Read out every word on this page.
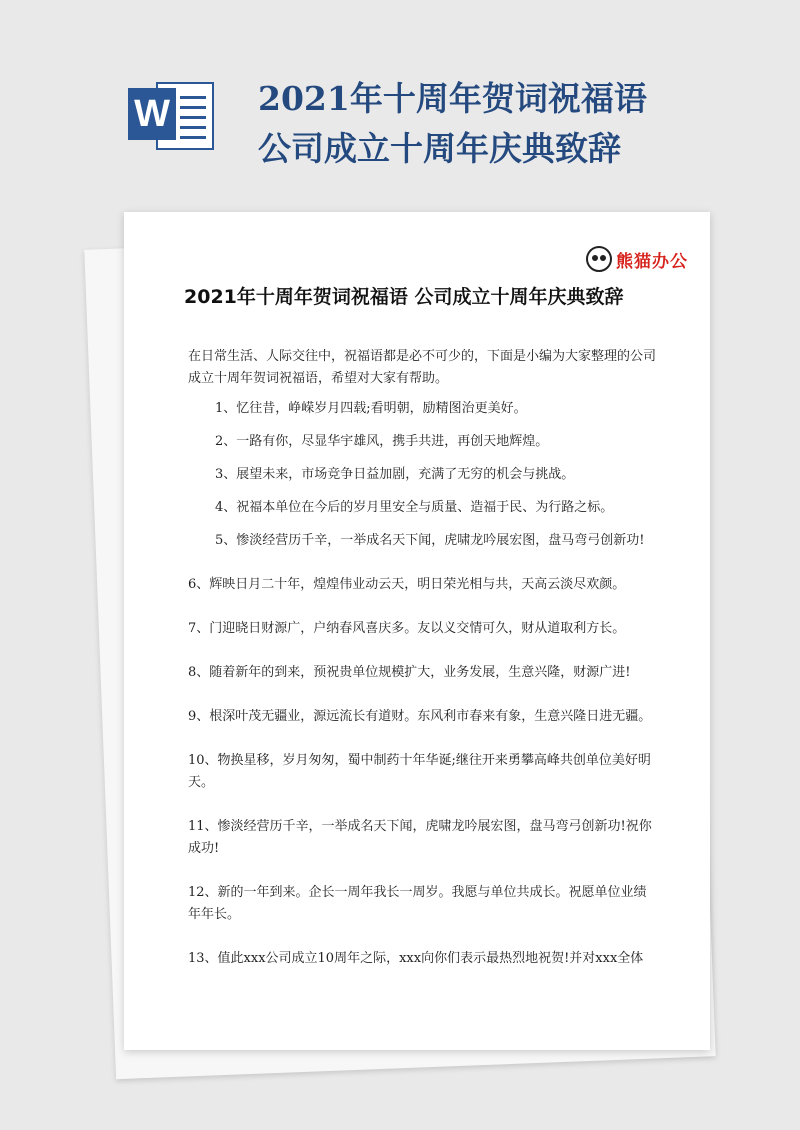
W	2021年十周年贺词祝福语
公司成立十周年庆典致辞
熊猫办公
2021年十周年贺词祝福语 公司成立十周年庆典致辞

在日常生活、人际交往中，祝福语都是必不可少的，下面是小编为大家整理的公司成立十周年贺词祝福语，希望对大家有帮助。

1、忆往昔，峥嵘岁月四载;看明朝，励精图治更美好。

2、一路有你，尽显华宇雄风，携手共进，再创天地辉煌。

3、展望未来，市场竞争日益加剧，充满了无穷的机会与挑战。

4、祝福本单位在今后的岁月里安全与质量、造福于民、为行路之标。

5、惨淡经营历千辛，一举成名天下闻，虎啸龙吟展宏图，盘马弯弓创新功!

6、辉映日月二十年，煌煌伟业动云天，明日荣光相与共，天高云淡尽欢颜。

7、门迎晓日财源广，户纳春风喜庆多。友以义交情可久，财从道取利方长。

8、随着新年的到来，预祝贵单位规模扩大，业务发展，生意兴隆，财源广进!

9、根深叶茂无疆业，源远流长有道财。东风利市春来有象，生意兴隆日进无疆。

10、物换星移，岁月匆匆，蜀中制药十年华诞;继往开来勇攀高峰共创单位美好明天。

11、惨淡经营历千辛，一举成名天下闻，虎啸龙吟展宏图，盘马弯弓创新功!祝你成功!

12、新的一年到来。企长一周年我长一周岁。我愿与单位共成长。祝愿单位业绩年年长。

13、值此xxx公司成立10周年之际，xxx向你们表示最热烈地祝贺!并对xxx全体
